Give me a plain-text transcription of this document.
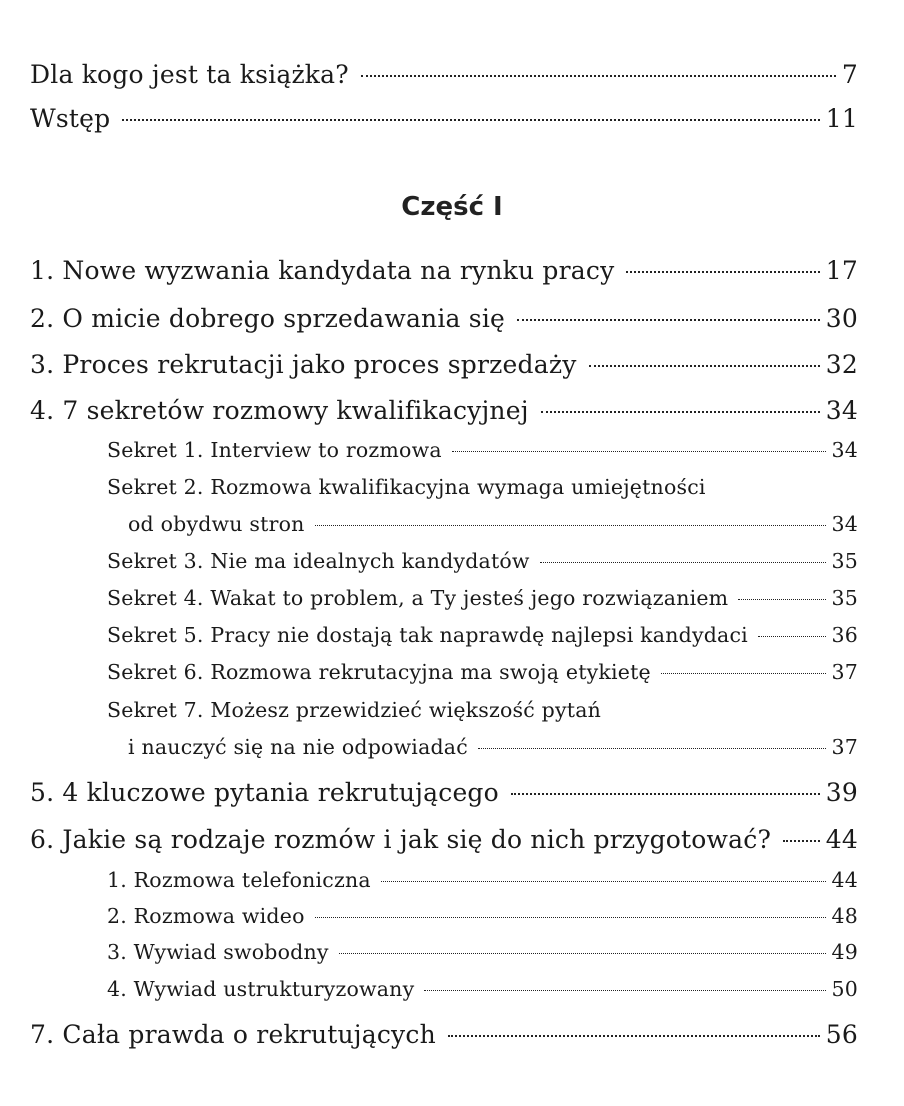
Dla kogo jest ta książka?	7
Wstęp	11
Część I
1. Nowe wyzwania kandydata na rynku pracy	17
2. O micie dobrego sprzedawania się	30
3. Proces rekrutacji jako proces sprzedaży	32
4. 7 sekretów rozmowy kwalifikacyjnej	34
Sekret 1. Interview to rozmowa	34
Sekret 2. Rozmowa kwalifikacyjna wymaga umiejętności
od obydwu stron	34
Sekret 3. Nie ma idealnych kandydatów	35
Sekret 4. Wakat to problem, a Ty jesteś jego rozwiązaniem	35
Sekret 5. Pracy nie dostają tak naprawdę najlepsi kandydaci	36
Sekret 6. Rozmowa rekrutacyjna ma swoją etykietę	37
Sekret 7. Możesz przewidzieć większość pytań
i nauczyć się na nie odpowiadać	37
5. 4 kluczowe pytania rekrutującego	39
6. Jakie są rodzaje rozmów i jak się do nich przygotować? 44
1. Rozmowa telefoniczna	44
2. Rozmowa wideo	48
3. Wywiad swobodny	49
4. Wywiad ustrukturyzowany	50
7. Cała prawda o rekrutujących	56
